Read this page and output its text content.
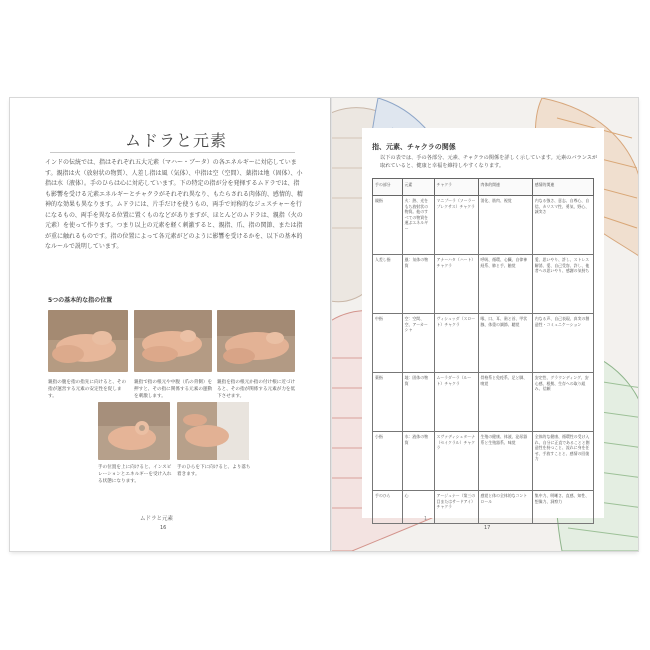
ムドラと元素
インドの伝統では、指はそれぞれ五大元素（マハー・ブータ）の各エネルギーに対応しています。親指は火（放射状の物質）、人差し指は風（気体）、中指は空（空間）、薬指は地（固体）、小指は水（液体）。手のひらは心に対応しています。下の特定の指が分を発揮するムドラでは、指も影響を受ける元素エネルギーとチャクラがそれぞれ異なり、もたらされる肉体的、感情的、精神的な効果も異なります。ムドラには、片手だけを使うもの、両手で対称的なジェスチャーを行になるもの、両手を異なる位置に置くものなどがありますが、ほとんどのムドラは、親指（火の元素）を使って作ります。つまり以上の元素を軽く刺激すると、親指、爪、指の関節、または指が重に触れるものです。指の位置によって各元素がどのように影響を受けるかを、以下の基本的なルールで説明しています。
5つの基本的な指の位置
親指の腹を指の指先に向けると、その指が運営する元素の安定性を促します。
親指で指の根元や中腹（爪の背側）を押すと、その指に関係する元素の運動を刺激します。
親指を指の根元か指の付け根に近づけると、その指が関係する元素が力を低下させます。
手の位置を上に向けると、インスピレーションとエネルギーを受け入れる状態になります。
手のひらを下に向けると、より落ち着きます。
ムドラと元素
16
指、元素、チャクラの関係
以下の表では、手の各部分、元素、チャクラの関係を詳しく示しています。元素のバランスが取れていると、健康と幸福を維持しやすくなります。
手の部分	元素	チャクラ	肉体的関連	感情的関連
親指	火：熱、光をもち放射状の物質。他のすべての物質を運ぶエネルギー	マニプーラ（ソーラープレクサス）チャクラ	消化、筋肉、視覚	内なる強さ、意志、自尊心、自信、カリスマ性、勇気、野心、誠実さ
人差し指	風：気体の物質	アナーハタ（ハート）チャクラ	呼吸、循環、心臓、自律神経系、肺と手、触覚	愛、思いやり、許し、ストレス解消、愛、自己受容、許し、他者への思いやり、感謝の気持ち
中指	空：空間、空、アーカーシャ	ヴィシュッダ（スロート）チャクラ	喉、口、耳、歯と首、甲状腺、体重の調節、聴覚	内なる声、自己表現、真実の創造性・コミュニケーション
薬指	地：固体の物質	ムーラダーラ（ルート）チャクラ	骨格系と免疫系、足と脚、嗅覚	安定性、グラウンディング、安心感、根拠、生存への取り組み、信頼
小指	水：液体の物質	スヴァディシュターナ（セイクラル）チャクラ	生殖の健康、体液、泌尿器系と生殖器系、味覚	全体的な健康、循環性の受け入れ、自分に正直であることと創造性を持つこと、流れに身を任せ、手放すことと、感情の回復力
手のひら	心	アージュナー（第三の目またはサードアイ）チャクラ	感覚と体の全体的なコントロール	集中力、明晰さ、直感、知性、想像力、洞察力
1
17
